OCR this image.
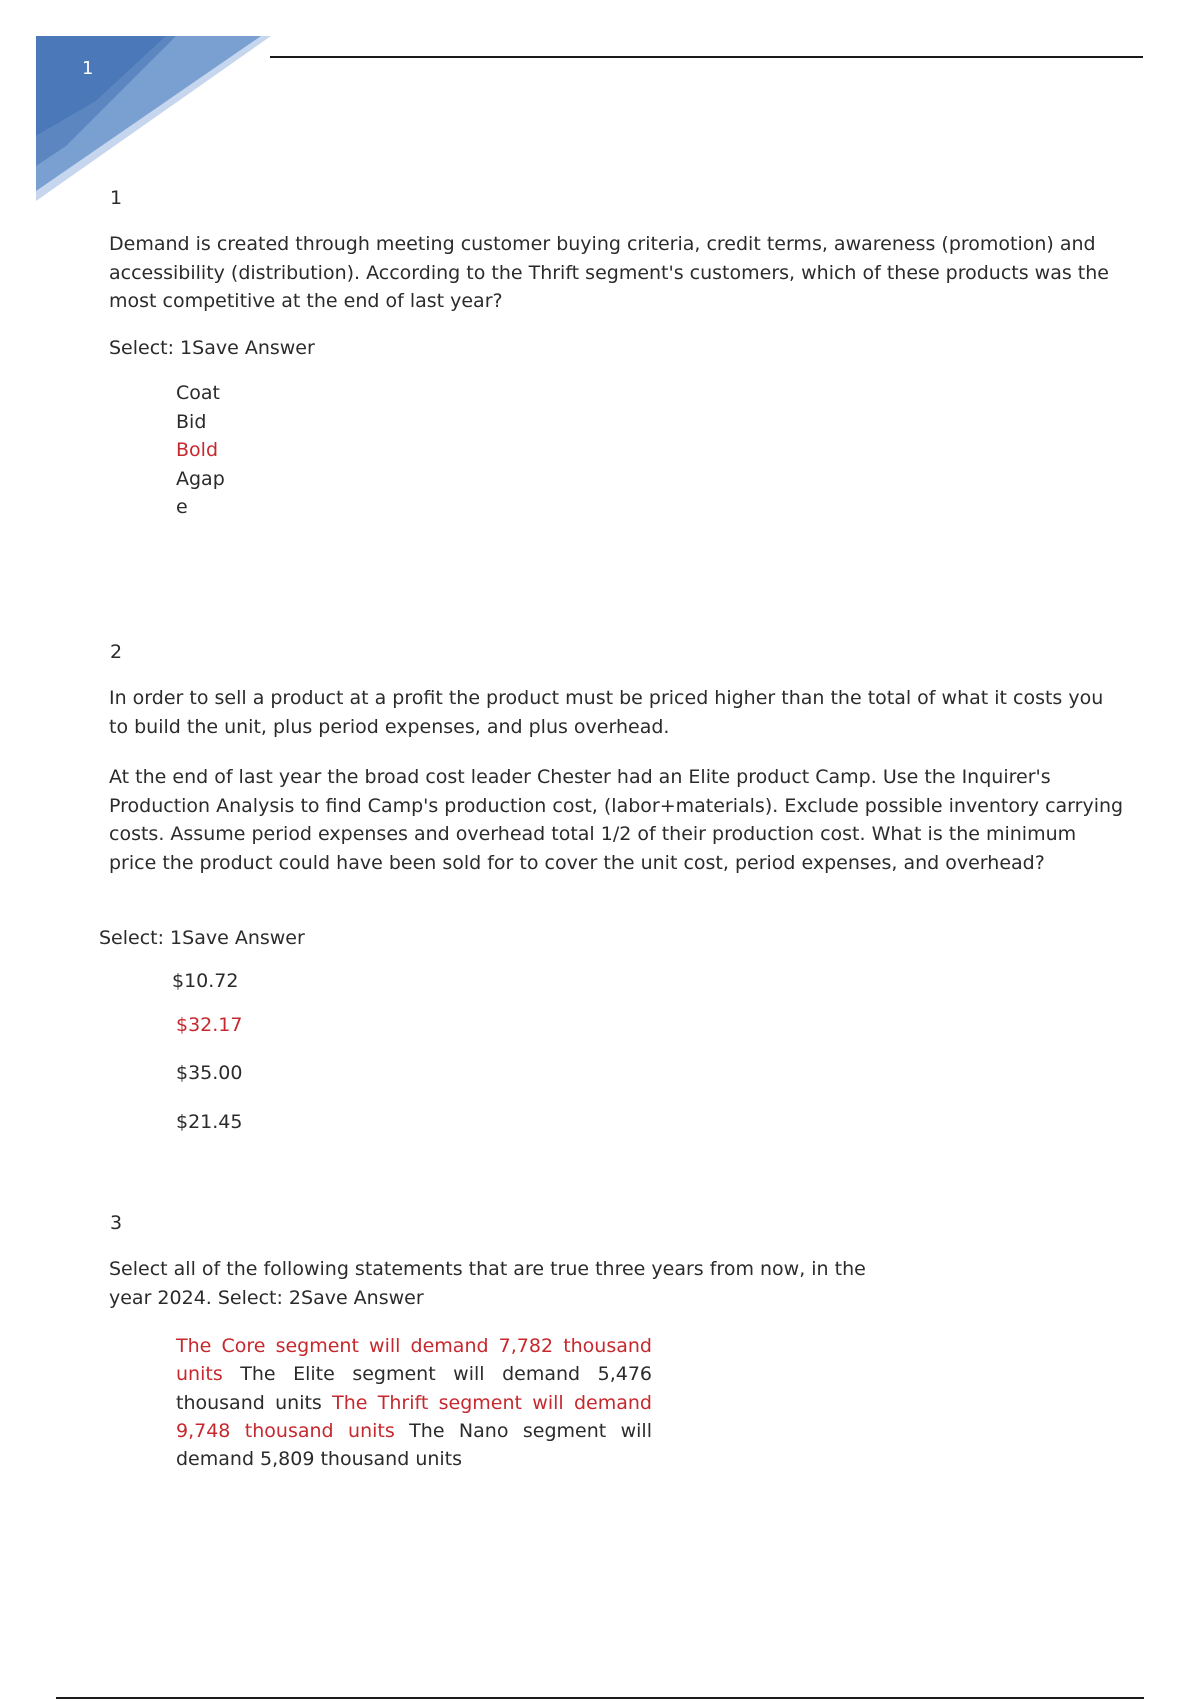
1
1
Demand is created through meeting customer buying criteria, credit terms, awareness (promotion) and accessibility (distribution). According to the Thrift segment's customers, which of these products was the most competitive at the end of last year?
Select: 1Save Answer
Coat
Bid
Bold
Agap
e
2
In order to sell a product at a profit the product must be priced higher than the total of what it costs you to build the unit, plus period expenses, and plus overhead.
At the end of last year the broad cost leader Chester had an Elite product Camp. Use the Inquirer's Production Analysis to find Camp's production cost, (labor+materials). Exclude possible inventory carrying costs. Assume period expenses and overhead total 1/2 of their production cost. What is the minimum price the product could have been sold for to cover the unit cost, period expenses, and overhead?
Select: 1Save Answer
$10.72
$32.17
$35.00
$21.45
3
Select all of the following statements that are true three years from now, in the
year 2024. Select: 2Save Answer
The Core segment will demand 7,782 thousand units The Elite segment will demand 5,476 thousand units The Thrift segment will demand 9,748 thousand units The Nano segment will demand 5,809 thousand units
